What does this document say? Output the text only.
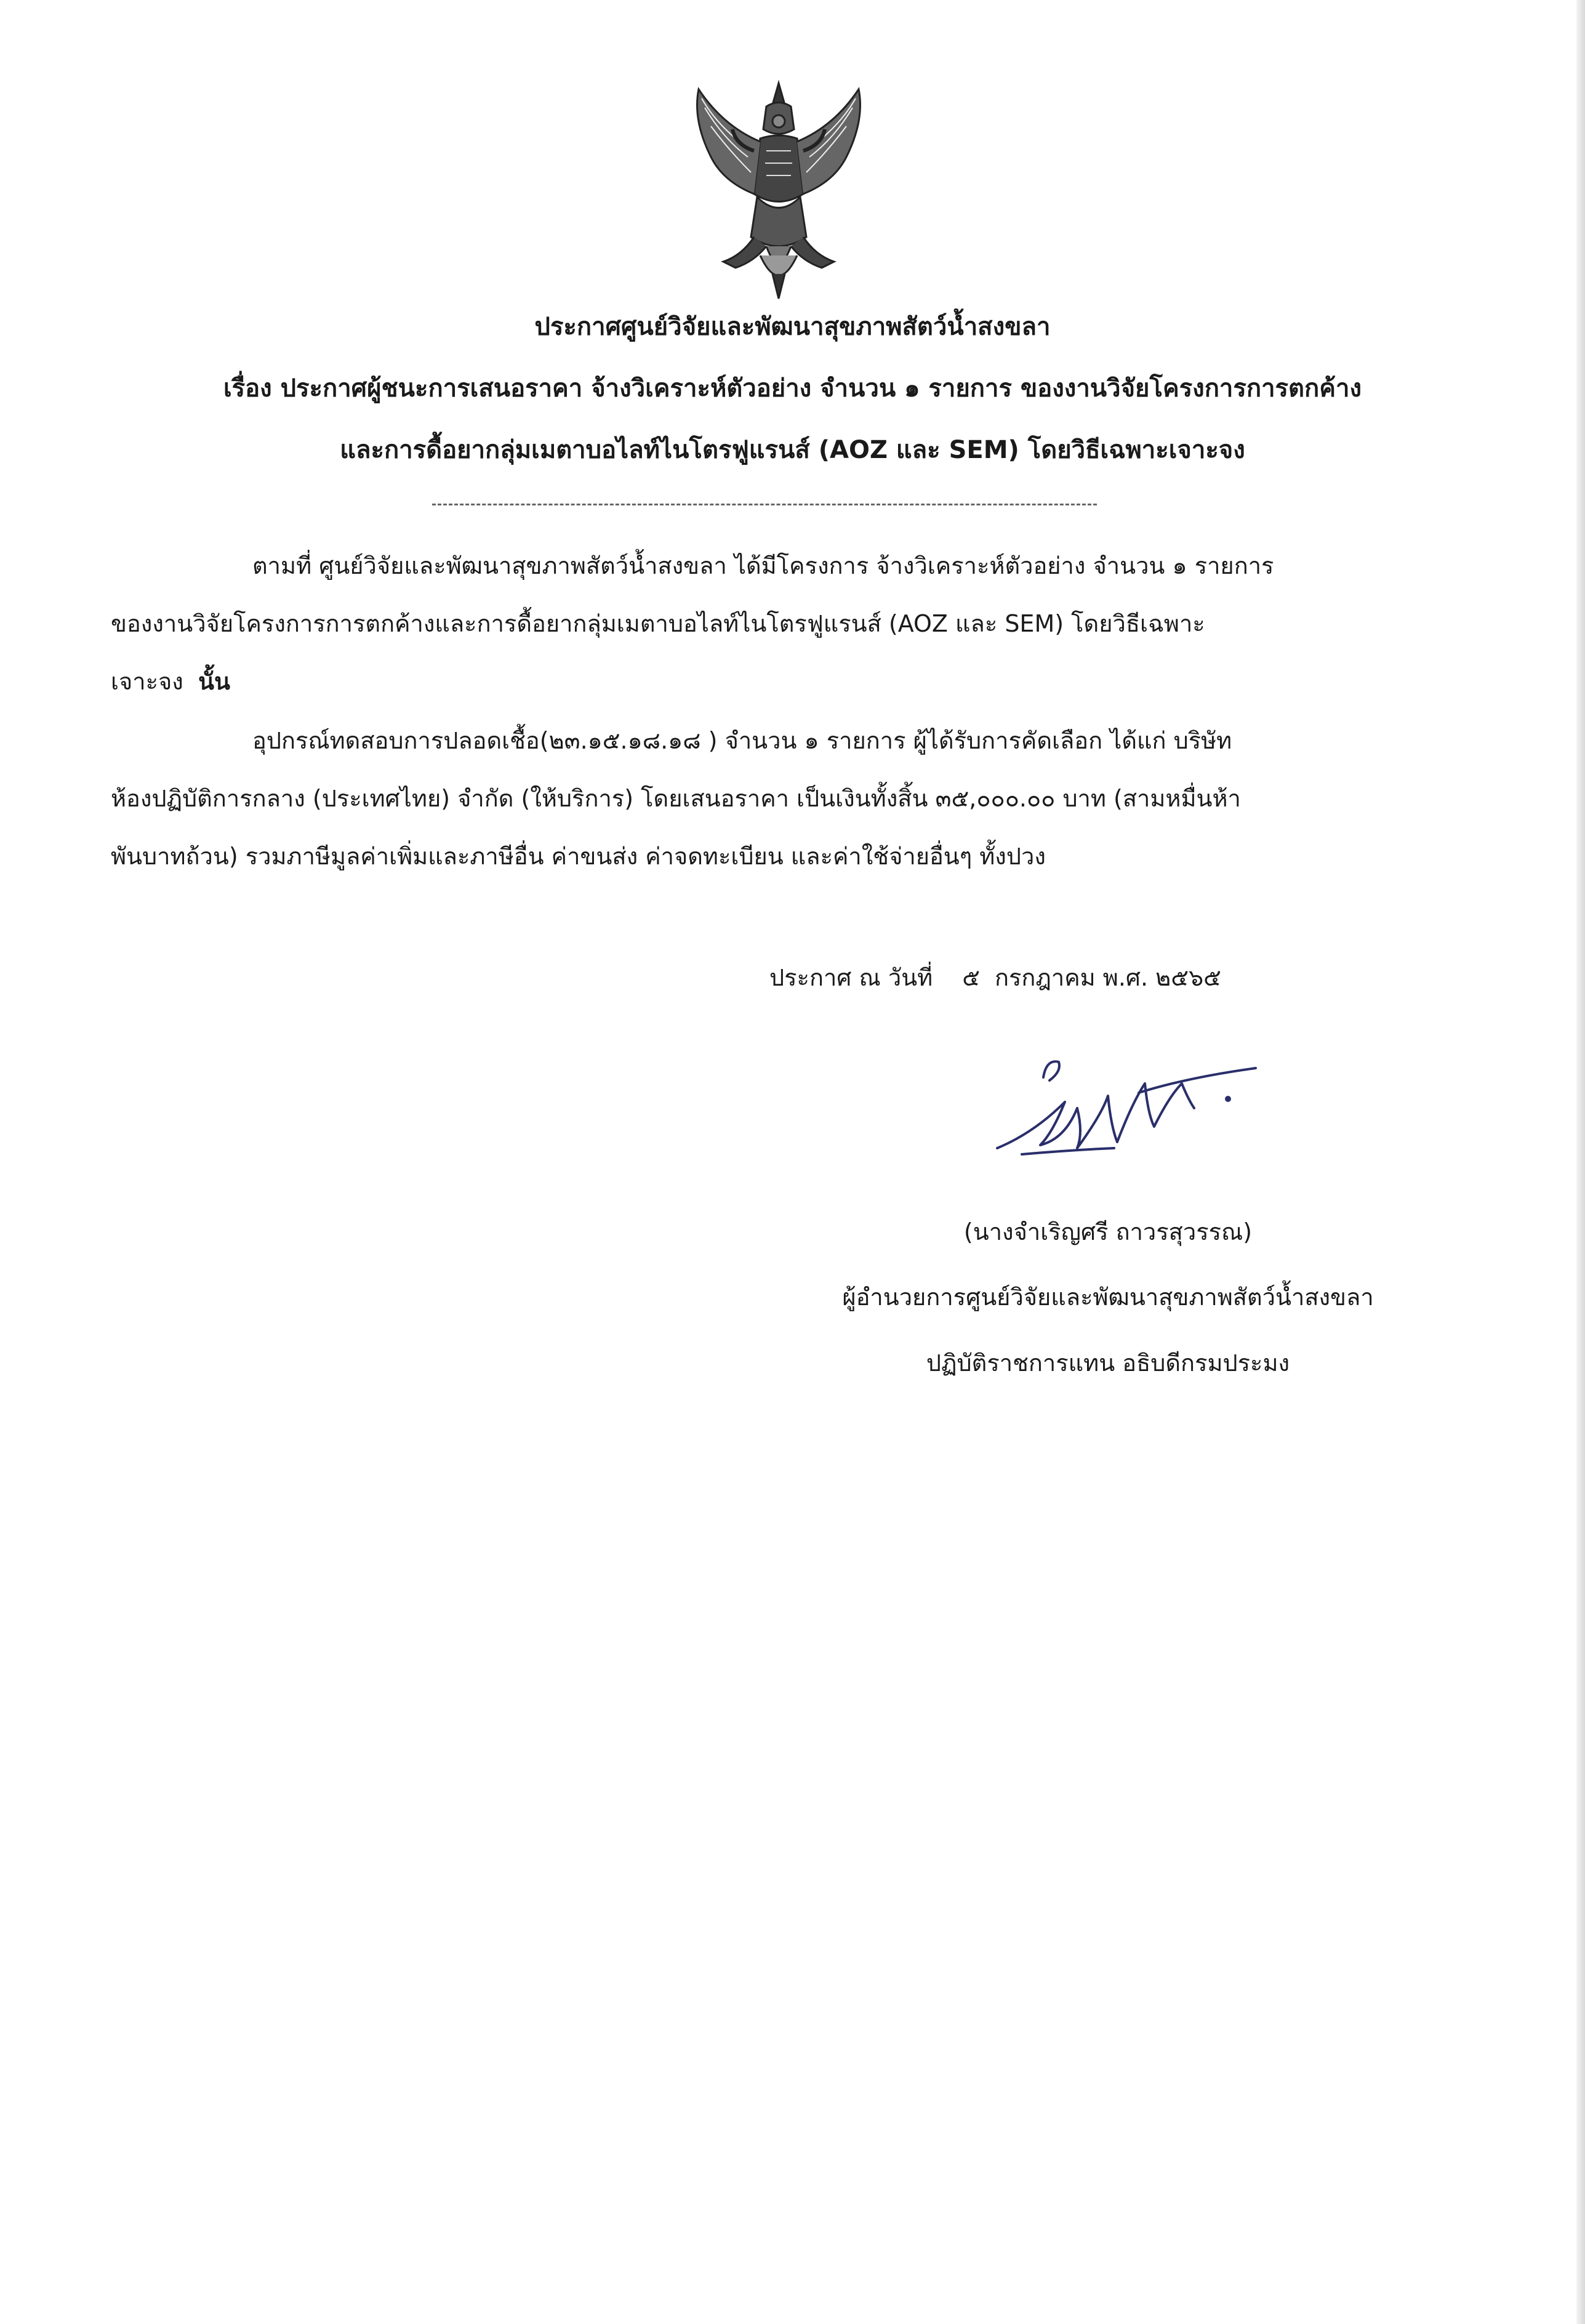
ประกาศศูนย์วิจัยและพัฒนาสุขภาพสัตว์น้ำสงขลา
เรื่อง ประกาศผู้ชนะการเสนอราคา จ้างวิเคราะห์ตัวอย่าง จำนวน ๑ รายการ ของงานวิจัยโครงการการตกค้าง
และการดื้อยากลุ่มเมตาบอไลท์ไนโตรฟูแรนส์ (AOZ และ SEM) โดยวิธีเฉพาะเจาะจง
ตามที่ ศูนย์วิจัยและพัฒนาสุขภาพสัตว์น้ำสงขลา ได้มีโครงการ จ้างวิเคราะห์ตัวอย่าง จำนวน ๑ รายการ
ของงานวิจัยโครงการการตกค้างและการดื้อยากลุ่มเมตาบอไลท์ไนโตรฟูแรนส์ (AOZ และ SEM) โดยวิธีเฉพาะ
เจาะจง นั้น
อุปกรณ์ทดสอบการปลอดเชื้อ(๒๓.๑๕.๑๘.๑๘ ) จำนวน ๑ รายการ ผู้ได้รับการคัดเลือก ได้แก่ บริษัท
ห้องปฏิบัติการกลาง (ประเทศไทย) จำกัด (ให้บริการ) โดยเสนอราคา เป็นเงินทั้งสิ้น ๓๕,๐๐๐.๐๐ บาท (สามหมื่นห้า
พันบาทถ้วน) รวมภาษีมูลค่าเพิ่มและภาษีอื่น ค่าขนส่ง ค่าจดทะเบียน และค่าใช้จ่ายอื่นๆ ทั้งปวง
ประกาศ ณ วันที่ ๕ กรกฎาคม พ.ศ. ๒๕๖๕
(นางจำเริญศรี ถาวรสุวรรณ)
ผู้อำนวยการศูนย์วิจัยและพัฒนาสุขภาพสัตว์น้ำสงขลา
ปฏิบัติราชการแทน อธิบดีกรมประมง
